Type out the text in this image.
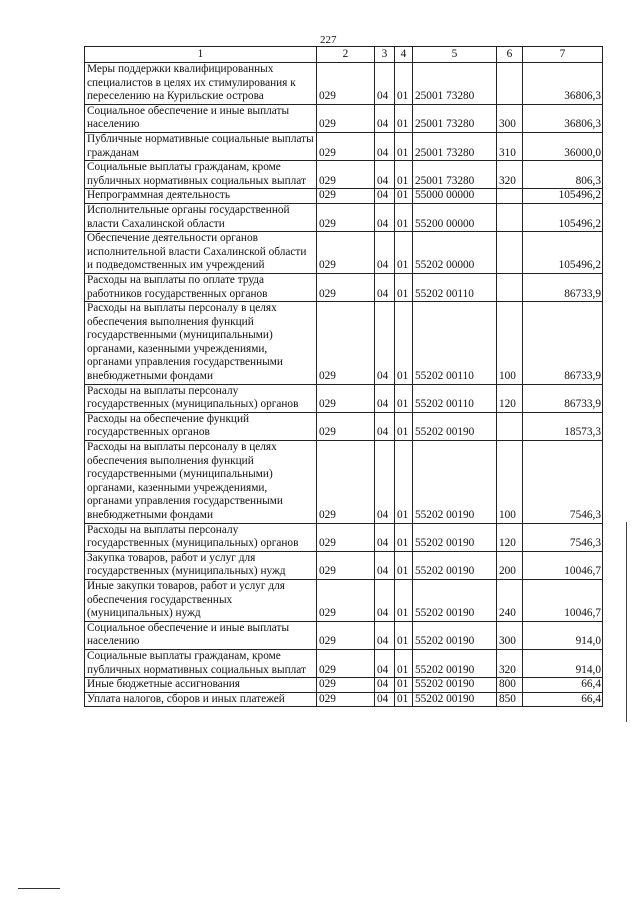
227
1	2	3	4	5	6	7
Меры поддержки квалифицированных специалистов в целях их стимулирования к переселению на Курильские острова	029	04	01	25001 73280		36806,3
Социальное обеспечение и иные выплаты населению	029	04	01	25001 73280	300	36806,3
Публичные нормативные социальные выплаты гражданам	029	04	01	25001 73280	310	36000,0
Социальные выплаты гражданам, кроме публичных нормативных социальных выплат	029	04	01	25001 73280	320	806,3
Непрограммная деятельность	029	04	01	55000 00000		105496,2
Исполнительные органы государственной власти Сахалинской области	029	04	01	55200 00000		105496,2
Обеспечение деятельности органов исполнительной власти Сахалинской области и подведомственных им учреждений	029	04	01	55202 00000		105496,2
Расходы на выплаты по оплате труда работников государственных органов	029	04	01	55202 00110		86733,9
Расходы на выплаты персоналу в целях обеспечения выполнения функций государственными (муниципальными) органами, казенными учреждениями, органами управления государственными внебюджетными фондами	029	04	01	55202 00110	100	86733,9
Расходы на выплаты персоналу государственных (муниципальных) органов	029	04	01	55202 00110	120	86733,9
Расходы на обеспечение функций государственных органов	029	04	01	55202 00190		18573,3
Расходы на выплаты персоналу в целях обеспечения выполнения функций государственными (муниципальными) органами, казенными учреждениями, органами управления государственными внебюджетными фондами	029	04	01	55202 00190	100	7546,3
Расходы на выплаты персоналу государственных (муниципальных) органов	029	04	01	55202 00190	120	7546,3
Закупка товаров, работ и услуг для государственных (муниципальных) нужд	029	04	01	55202 00190	200	10046,7
Иные закупки товаров, работ и услуг для обеспечения государственных (муниципальных) нужд	029	04	01	55202 00190	240	10046,7
Социальное обеспечение и иные выплаты населению	029	04	01	55202 00190	300	914,0
Социальные выплаты гражданам, кроме публичных нормативных социальных выплат	029	04	01	55202 00190	320	914,0
Иные бюджетные ассигнования	029	04	01	55202 00190	800	66,4
Уплата налогов, сборов и иных платежей	029	04	01	55202 00190	850	66,4
